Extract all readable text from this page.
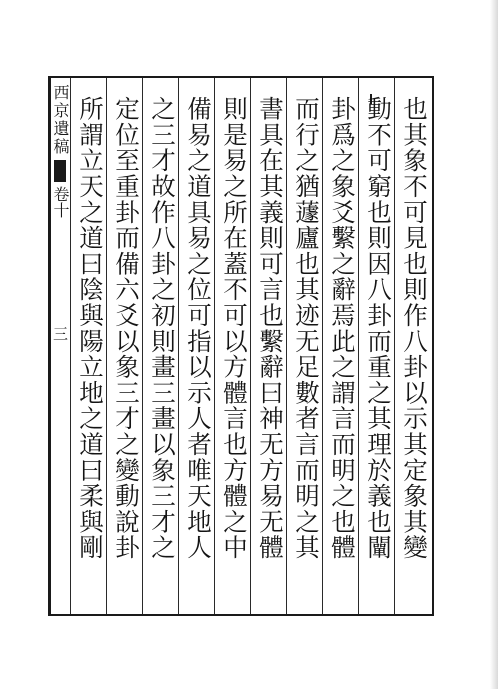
西京遺稿
卷十
三	也其象不可見也則作八卦以示其定象其變
動不可窮也則因八卦而重之其理於義也闡
卦爲之象爻繫之辭焉此之謂言而明之也體
而行之猶蘧廬也其迹无足數者言而明之其
書具在其義則可言也繫辭曰神无方易无體
則是易之所在蓋不可以方體言也方體之中
備易之道具易之位可指以示人者唯天地人
之三才故作八卦之初則畫三畫以象三才之
定位至重卦而備六爻以象三才之變動說卦
所謂立天之道曰陰與陽立地之道曰柔與剛
